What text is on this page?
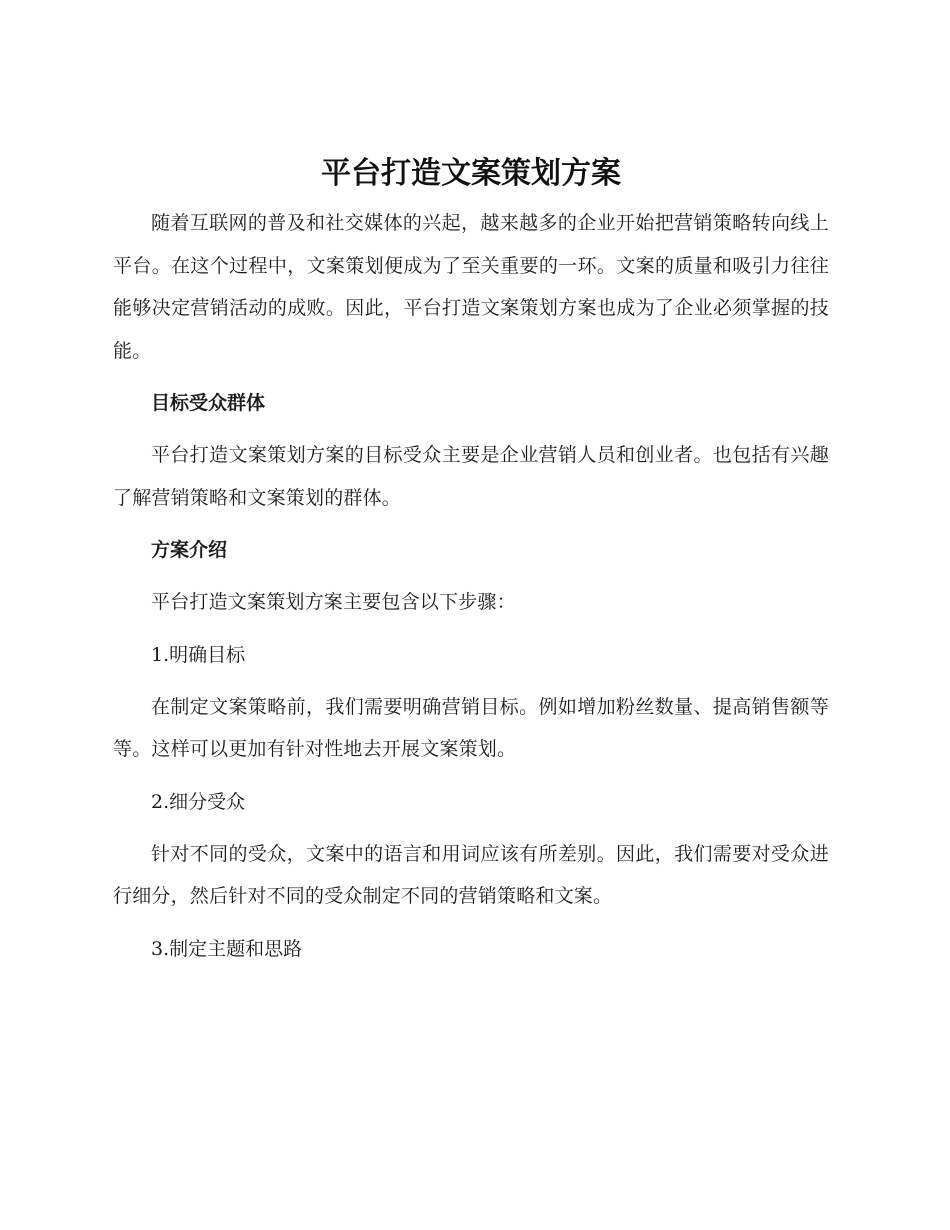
平台打造文案策划方案

随着互联网的普及和社交媒体的兴起，越来越多的企业开始把营销策略转向线上平台。在这个过程中，文案策划便成为了至关重要的一环。文案的质量和吸引力往往能够决定营销活动的成败。因此，平台打造文案策划方案也成为了企业必须掌握的技能。

目标受众群体

平台打造文案策划方案的目标受众主要是企业营销人员和创业者。也包括有兴趣了解营销策略和文案策划的群体。

方案介绍

平台打造文案策划方案主要包含以下步骤：

1.明确目标

在制定文案策略前，我们需要明确营销目标。例如增加粉丝数量、提高销售额等等。这样可以更加有针对性地去开展文案策划。

2.细分受众

针对不同的受众，文案中的语言和用词应该有所差别。因此，我们需要对受众进行细分，然后针对不同的受众制定不同的营销策略和文案。

3.制定主题和思路
